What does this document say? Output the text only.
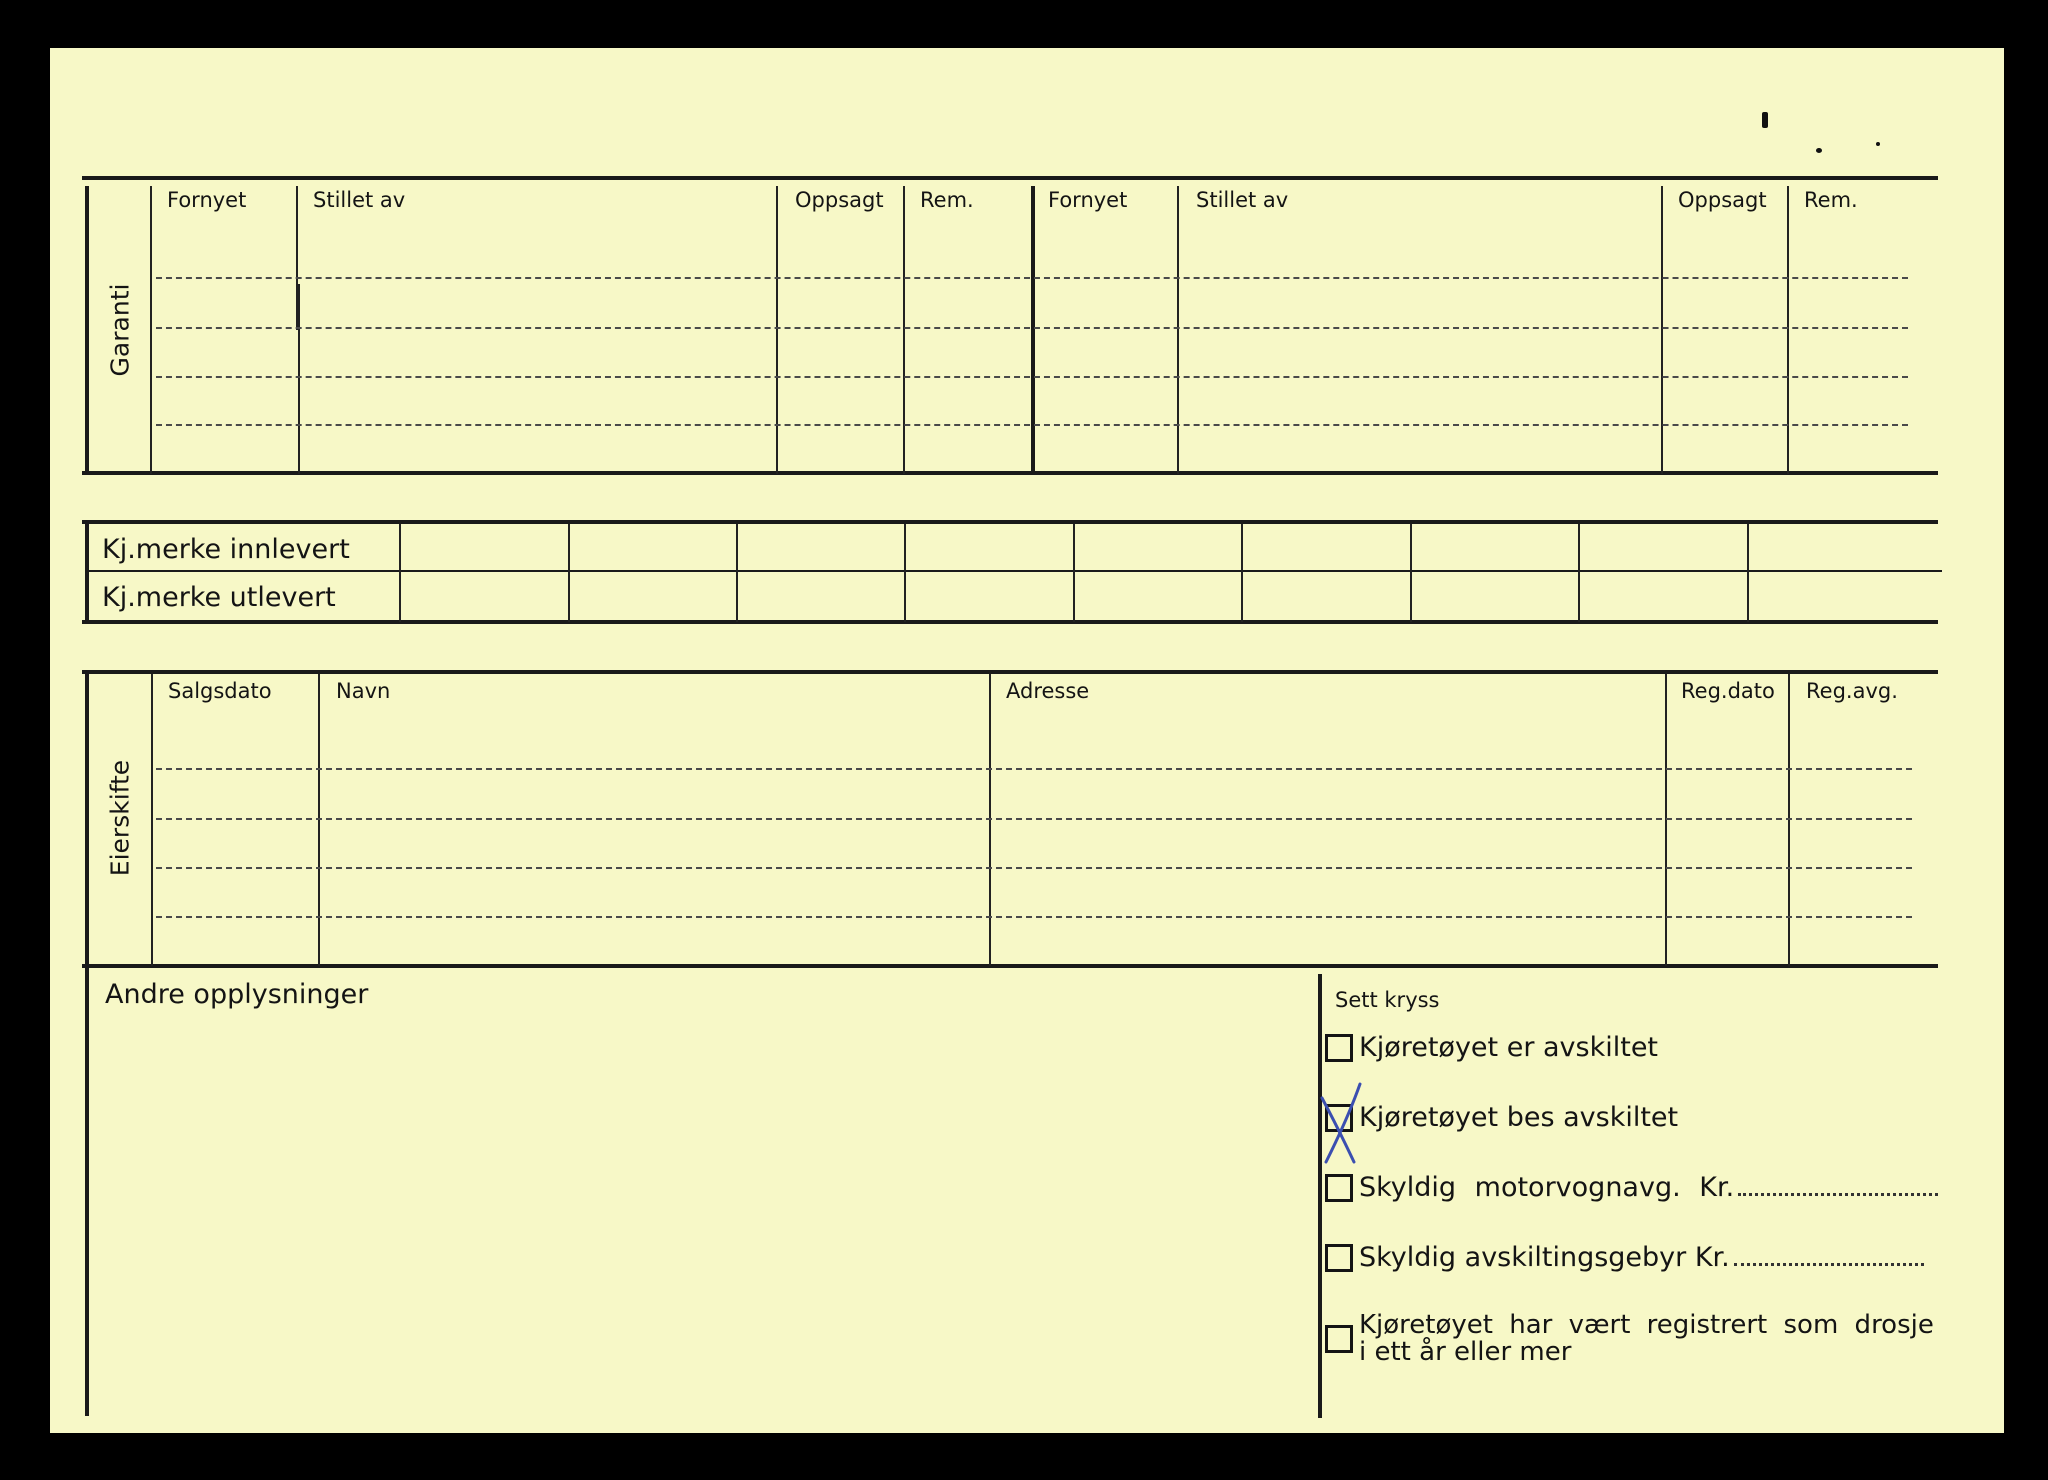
Garanti
Fornyet	Stillet av	Oppsagt Rem.	Fornyet	Stillet av	Oppsagt Rem.
Kj.merke innlevert
Kj.merke utlevert
Eierskifte
Salgsdato	Navn	Adresse	Reg.dato Reg.avg.
Andre opplysninger	Sett kryss
Kjøretøyet er avskiltet
Kjøretøyet bes avskiltet
Skyldig motorvognavg. Kr.
Skyldig avskiltingsgebyr Kr.
Kjøretøyet har vært registrert som drosje
i ett år eller mer
